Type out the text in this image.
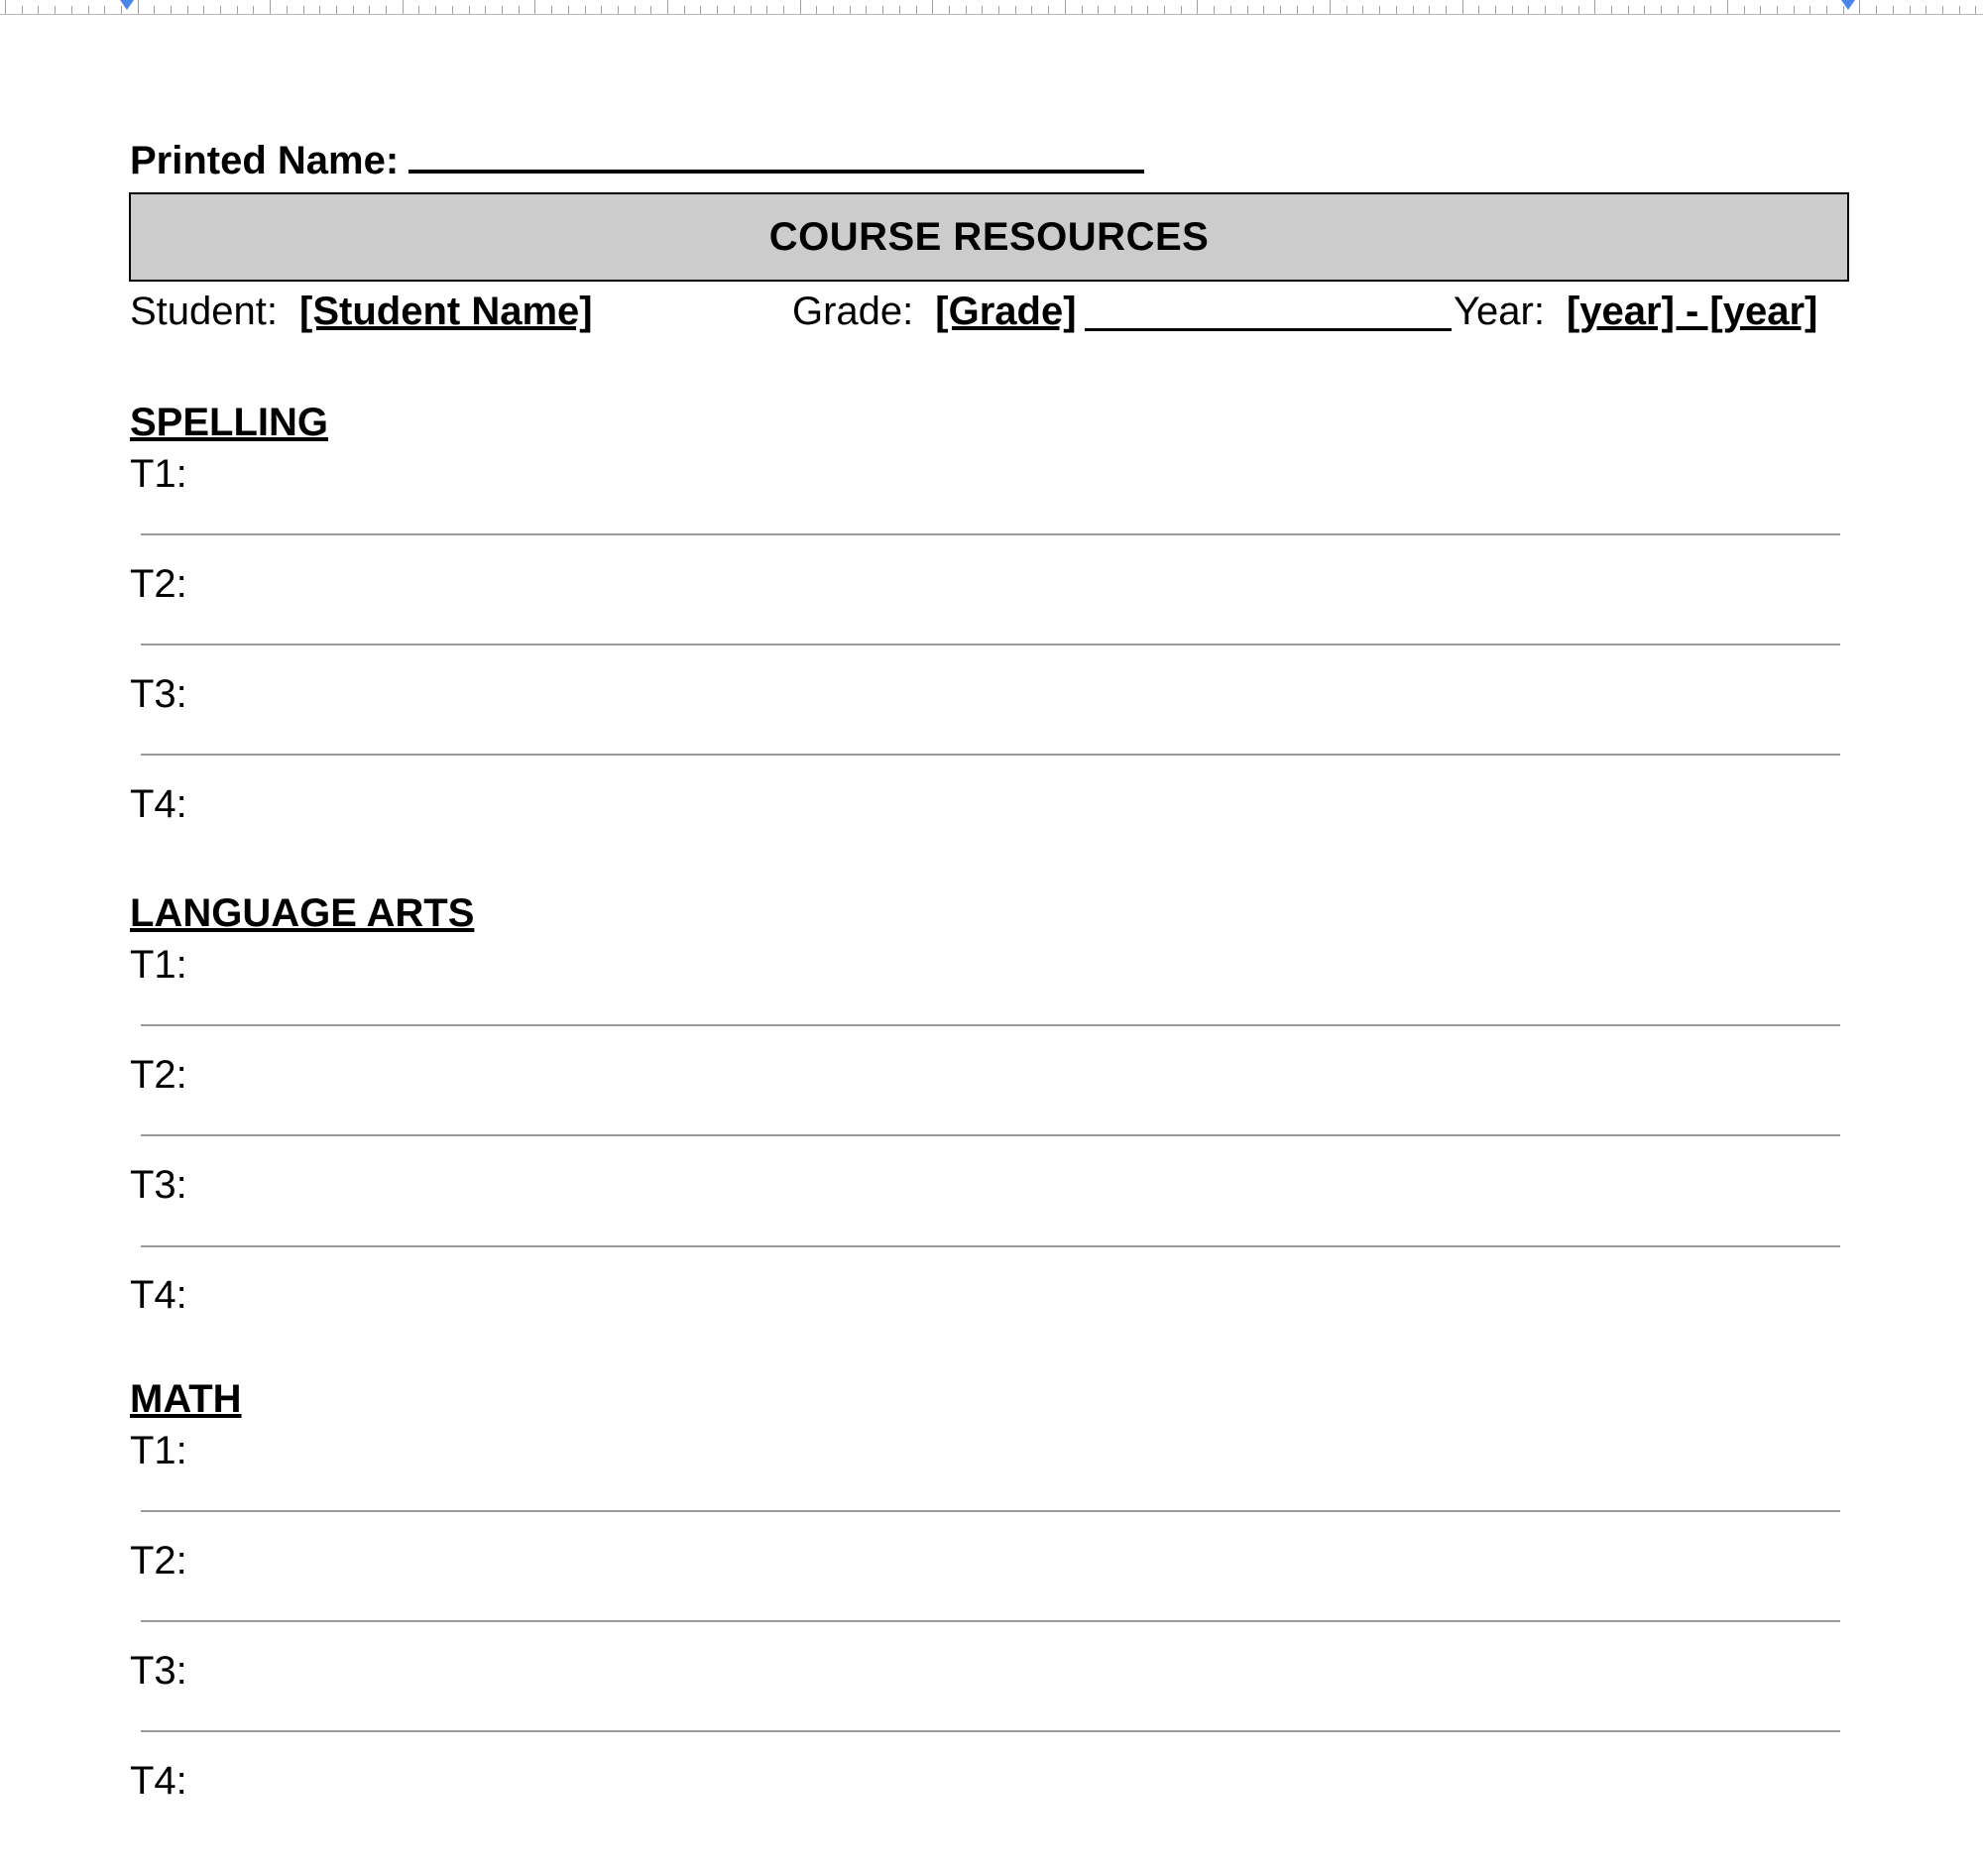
Printed Name:
COURSE RESOURCES
Student: [Student Name]	Grade: [Grade]	Year: [year] - [year]
SPELLING
T1:
T2:
T3:
T4:
LANGUAGE ARTS
T1:
T2:
T3:
T4:
MATH
T1:
T2:
T3:
T4:
